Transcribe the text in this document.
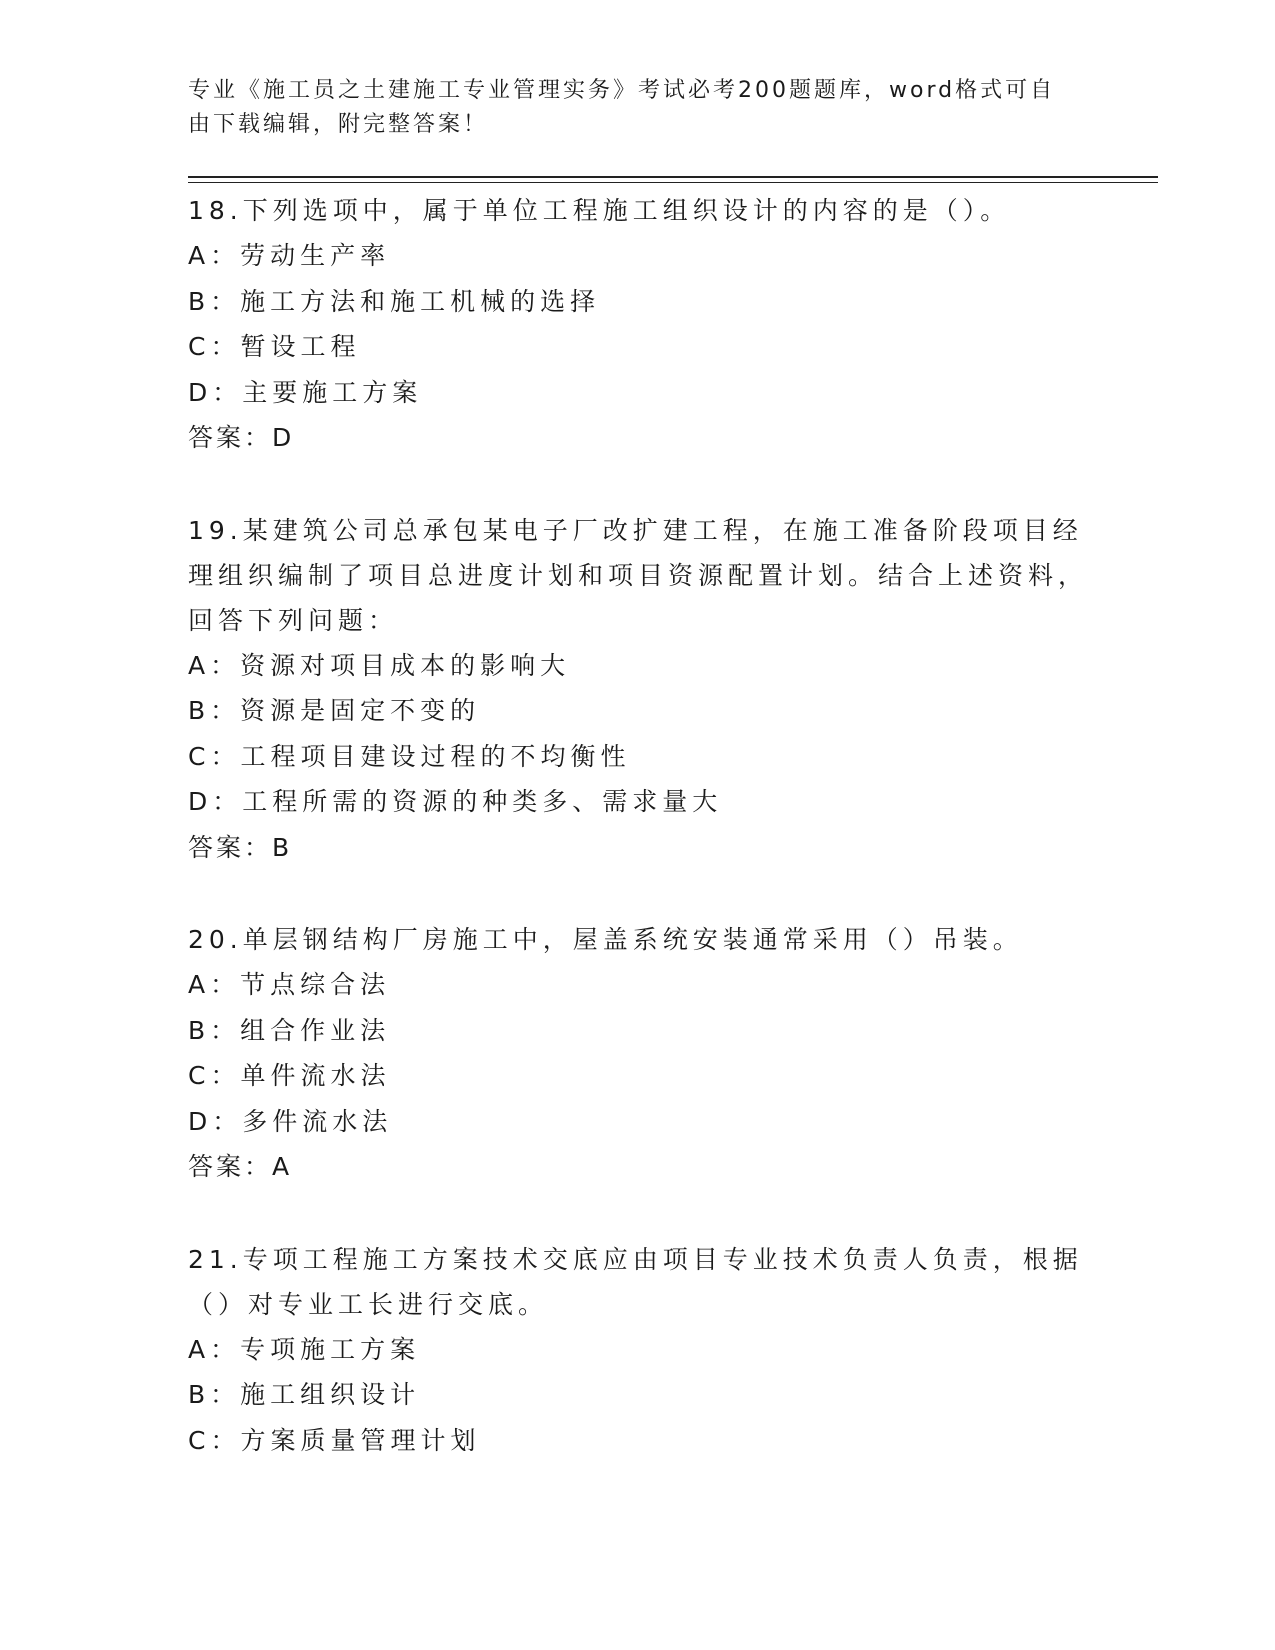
专业《施工员之土建施工专业管理实务》考试必考200题题库，word格式可自由下载编辑，附完整答案！

18.下列选项中，属于单位工程施工组织设计的内容的是（）。

A：劳动生产率

B：施工方法和施工机械的选择

C：暂设工程

D：主要施工方案

答案：D

19.某建筑公司总承包某电子厂改扩建工程，在施工准备阶段项目经理组织编制了项目总进度计划和项目资源配置计划。结合上述资料，回答下列问题：

A：资源对项目成本的影响大

B：资源是固定不变的

C：工程项目建设过程的不均衡性

D：工程所需的资源的种类多、需求量大

答案：B

20.单层钢结构厂房施工中，屋盖系统安装通常采用（）吊装。

A：节点综合法

B：组合作业法

C：单件流水法

D：多件流水法

答案：A

21.专项工程施工方案技术交底应由项目专业技术负责人负责，根据（）对专业工长进行交底。

A：专项施工方案

B：施工组织设计

C：方案质量管理计划
